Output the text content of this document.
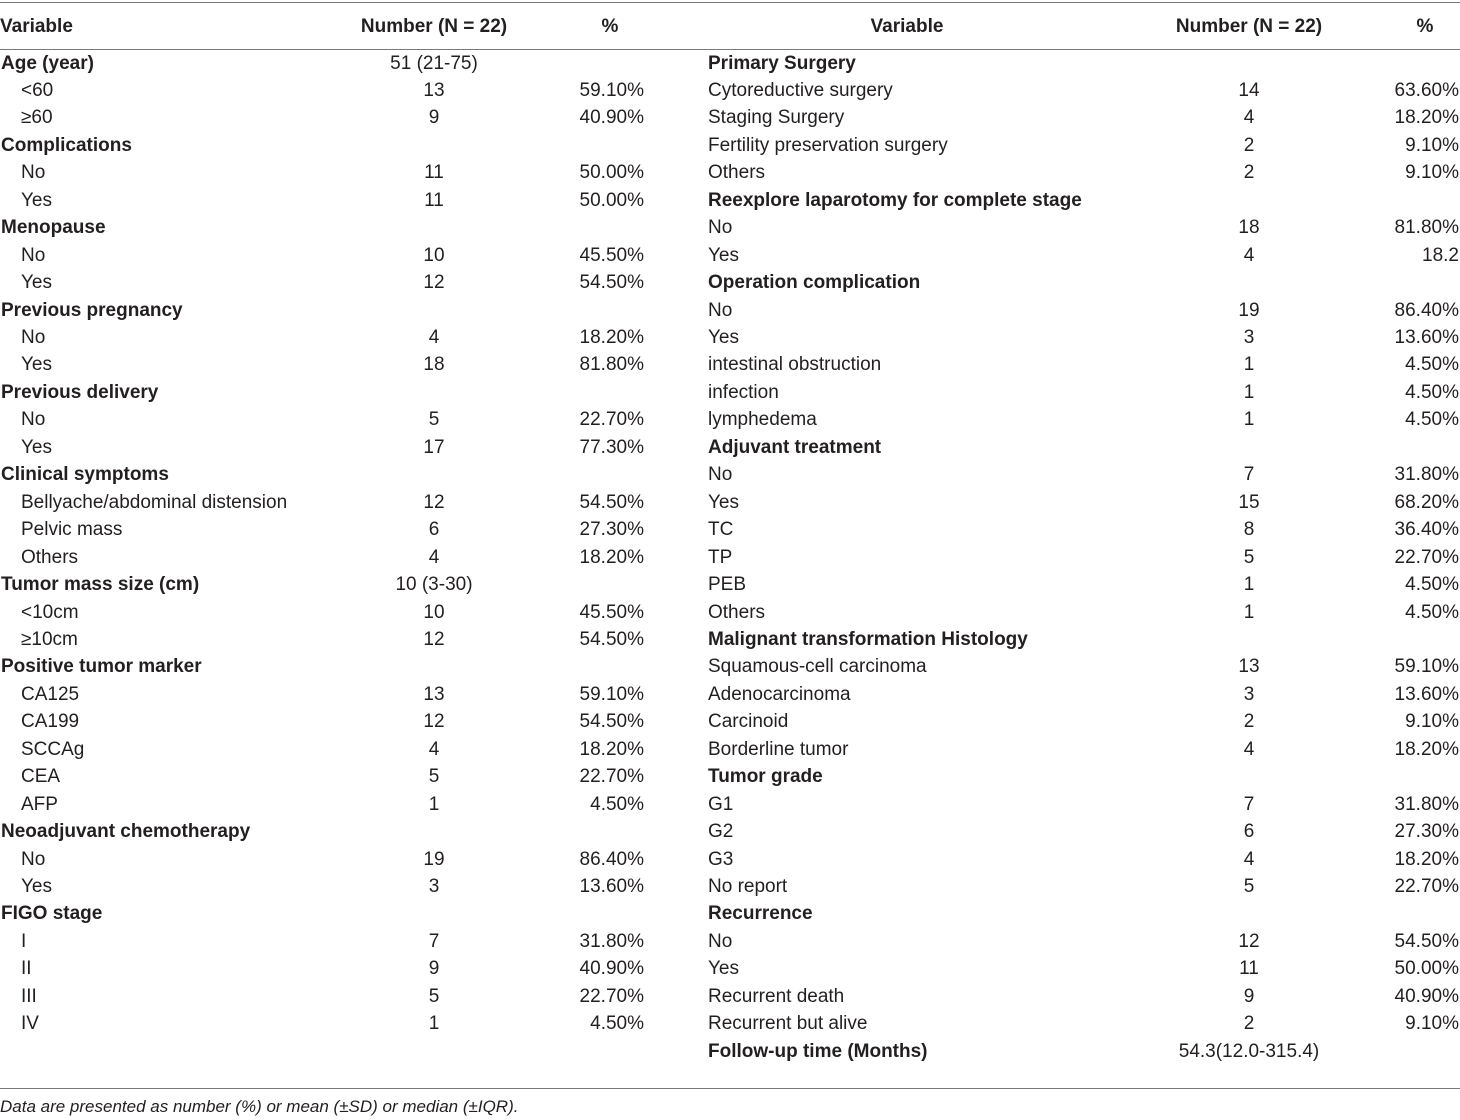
Variable	Number (N = 22)	%	Variable	Number (N = 22)	%
Age (year)	51 (21-75)
<60	13	59.10%
≥60	9	40.90%
Complications
No	11	50.00%
Yes	11	50.00%
Menopause
No	10	45.50%
Yes	12	54.50%
Previous pregnancy
No	4	18.20%
Yes	18	81.80%
Previous delivery
No	5	22.70%
Yes	17	77.30%
Clinical symptoms
Bellyache/abdominal distension	12	54.50%
Pelvic mass	6	27.30%
Others	4	18.20%
Tumor mass size (cm)	10 (3-30)
<10cm	10	45.50%
≥10cm	12	54.50%
Positive tumor marker
CA125	13	59.10%
CA199	12	54.50%
SCCAg	4	18.20%
CEA	5	22.70%
AFP	1	4.50%
Neoadjuvant chemotherapy
No	19	86.40%
Yes	3	13.60%
FIGO stage
I	7	31.80%
II	9	40.90%
III	5	22.70%
IV	1	4.50%
Primary Surgery
Cytoreductive surgery	14	63.60%
Staging Surgery	4	18.20%
Fertility preservation surgery	2	9.10%
Others	2	9.10%
Reexplore laparotomy for complete stage
No	18	81.80%
Yes	4	18.2
Operation complication
No	19	86.40%
Yes	3	13.60%
intestinal obstruction	1	4.50%
infection	1	4.50%
lymphedema	1	4.50%
Adjuvant treatment
No	7	31.80%
Yes	15	68.20%
TC	8	36.40%
TP	5	22.70%
PEB	1	4.50%
Others	1	4.50%
Malignant transformation Histology
Squamous-cell carcinoma	13	59.10%
Adenocarcinoma	3	13.60%
Carcinoid	2	9.10%
Borderline tumor	4	18.20%
Tumor grade
G1	7	31.80%
G2	6	27.30%
G3	4	18.20%
No report	5	22.70%
Recurrence
No	12	54.50%
Yes	11	50.00%
Recurrent death	9	40.90%
Recurrent but alive	2	9.10%
Follow-up time (Months)	54.3(12.0-315.4)
Data are presented as number (%) or mean (±SD) or median (±IQR).
